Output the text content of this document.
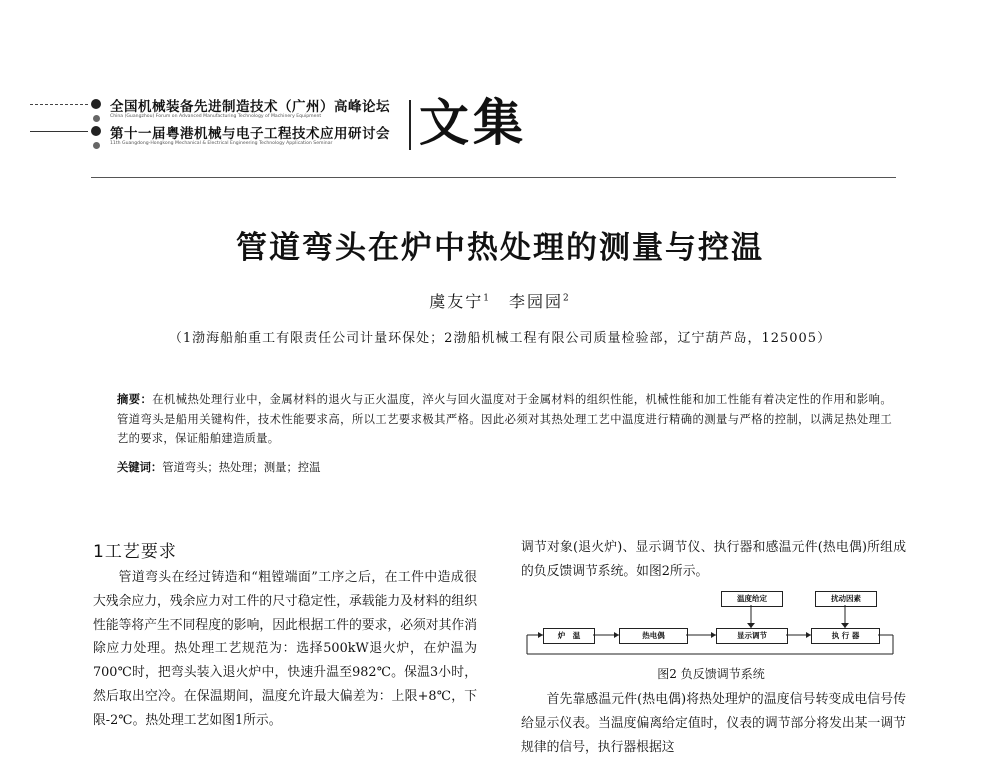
全国机械装备先进制造技术（广州）高峰论坛
China (Guangzhou) Forum on Advanced Manufacturing Technology of Machinery Equipment
第十一届粤港机械与电子工程技术应用研讨会
11th Guangdong-Hongkong Mechanical & Electrical Engineering Technology Application Seminar 文集
管道弯头在炉中热处理的测量与控温
虞友宁$^1$　 李园园$^2$
（1渤海船舶重工有限责任公司计量环保处；2渤船机械工程有限公司质量检验部，辽宁葫芦岛，125005）
摘要：在机械热处理行业中，金属材料的退火与正火温度，淬火与回火温度对于金属材料的组织性能，机械性能和加工性能有着决定性的作用和影响。管道弯头是船用关键构件，技术性能要求高，所以工艺要求极其严格。因此必须对其热处理工艺中温度进行精确的测量与严格的控制，以满足热处理工艺的要求，保证船舶建造质量。
关键词：管道弯头；热处理；测量；控温
1工艺要求

管道弯头在经过铸造和“粗镗端面”工序之后，在工件中造成很大残余应力，残余应力对工件的尺寸稳定性，承载能力及材料的组织性能等将产生不同程度的影响，因此根据工件的要求，必须对其作消除应力处理。热处理工艺规范为：选择500kW退火炉，在炉温为700℃时，把弯头装入退火炉中，快速升温至982℃。保温3小时，然后取出空冷。在保温期间，温度允许最大偏差为：上限+8℃，下限-2℃。热处理工艺如图1所示。

调节对象(退火炉)、显示调节仪、执行器和感温元件(热电偶)所组成的负反馈调节系统。如图2所示。

温度给定	扰动因素
炉　温	热电偶	显示调节	执 行 器
图2 负反馈调节系统

首先靠感温元件(热电偶)将热处理炉的温度信号转变成电信号传给显示仪表。当温度偏离给定值时，仪表的调节部分将发出某一调节规律的信号，执行器根据这
